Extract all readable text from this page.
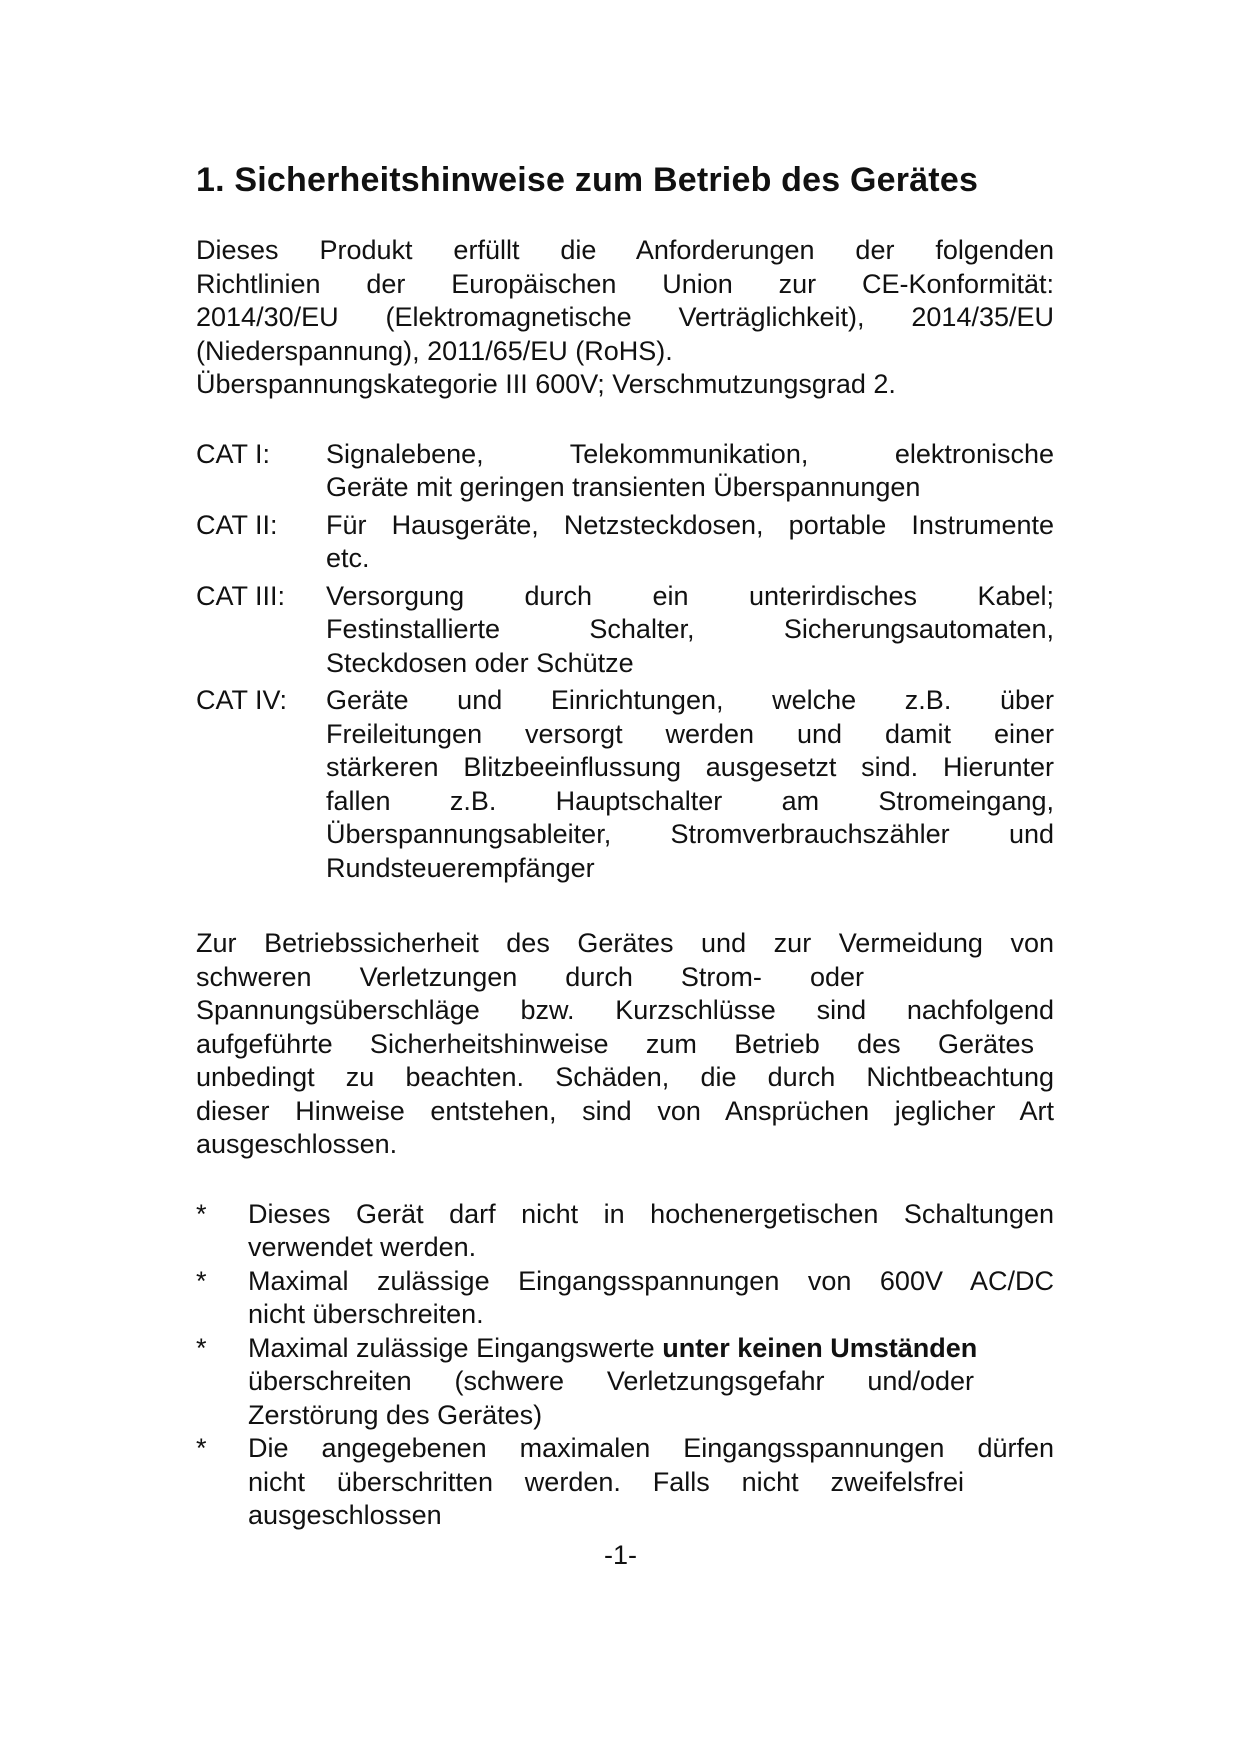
1. Sicherheitshinweise zum Betrieb des Gerätes
Dieses Produkt erfüllt die Anforderungen der folgenden
Richtlinien der Europäischen Union zur CE-Konformität:
2014/30/EU (Elektromagnetische Verträglichkeit), 2014/35/EU
(Niederspannung), 2011/65/EU (RoHS).
Überspannungskategorie III 600V; Verschmutzungsgrad 2.
CAT I: Signalebene, Telekommunikation, elektronische
Geräte mit geringen transienten Überspannungen
CAT II: Für Hausgeräte, Netzsteckdosen, portable Instrumente
etc.
CAT III: Versorgung durch ein unterirdisches Kabel;
Festinstallierte Schalter, Sicherungsautomaten,
Steckdosen oder Schütze
CAT IV: Geräte und Einrichtungen, welche z.B. über
Freileitungen versorgt werden und damit einer
stärkeren Blitzbeeinflussung ausgesetzt sind. Hierunter
fallen z.B. Hauptschalter am Stromeingang,
Überspannungsableiter, Stromverbrauchszähler und
Rundsteuerempfänger
Zur Betriebssicherheit des Gerätes und zur Vermeidung von
schweren Verletzungen durch Strom- oder
Spannungsüberschläge bzw. Kurzschlüsse sind nachfolgend
aufgeführte Sicherheitshinweise zum Betrieb des Gerätes
unbedingt zu beachten. Schäden, die durch Nichtbeachtung
dieser Hinweise entstehen, sind von Ansprüchen jeglicher Art
ausgeschlossen.
* Dieses Gerät darf nicht in hochenergetischen Schaltungen
verwendet werden.
* Maximal zulässige Eingangsspannungen von 600V AC/DC
nicht überschreiten.
* Maximal zulässige Eingangswerte unter keinen Umständen
überschreiten (schwere Verletzungsgefahr und/oder
Zerstörung des Gerätes)
* Die angegebenen maximalen Eingangsspannungen dürfen
nicht überschritten werden. Falls nicht zweifelsfrei
ausgeschlossen
-1-
